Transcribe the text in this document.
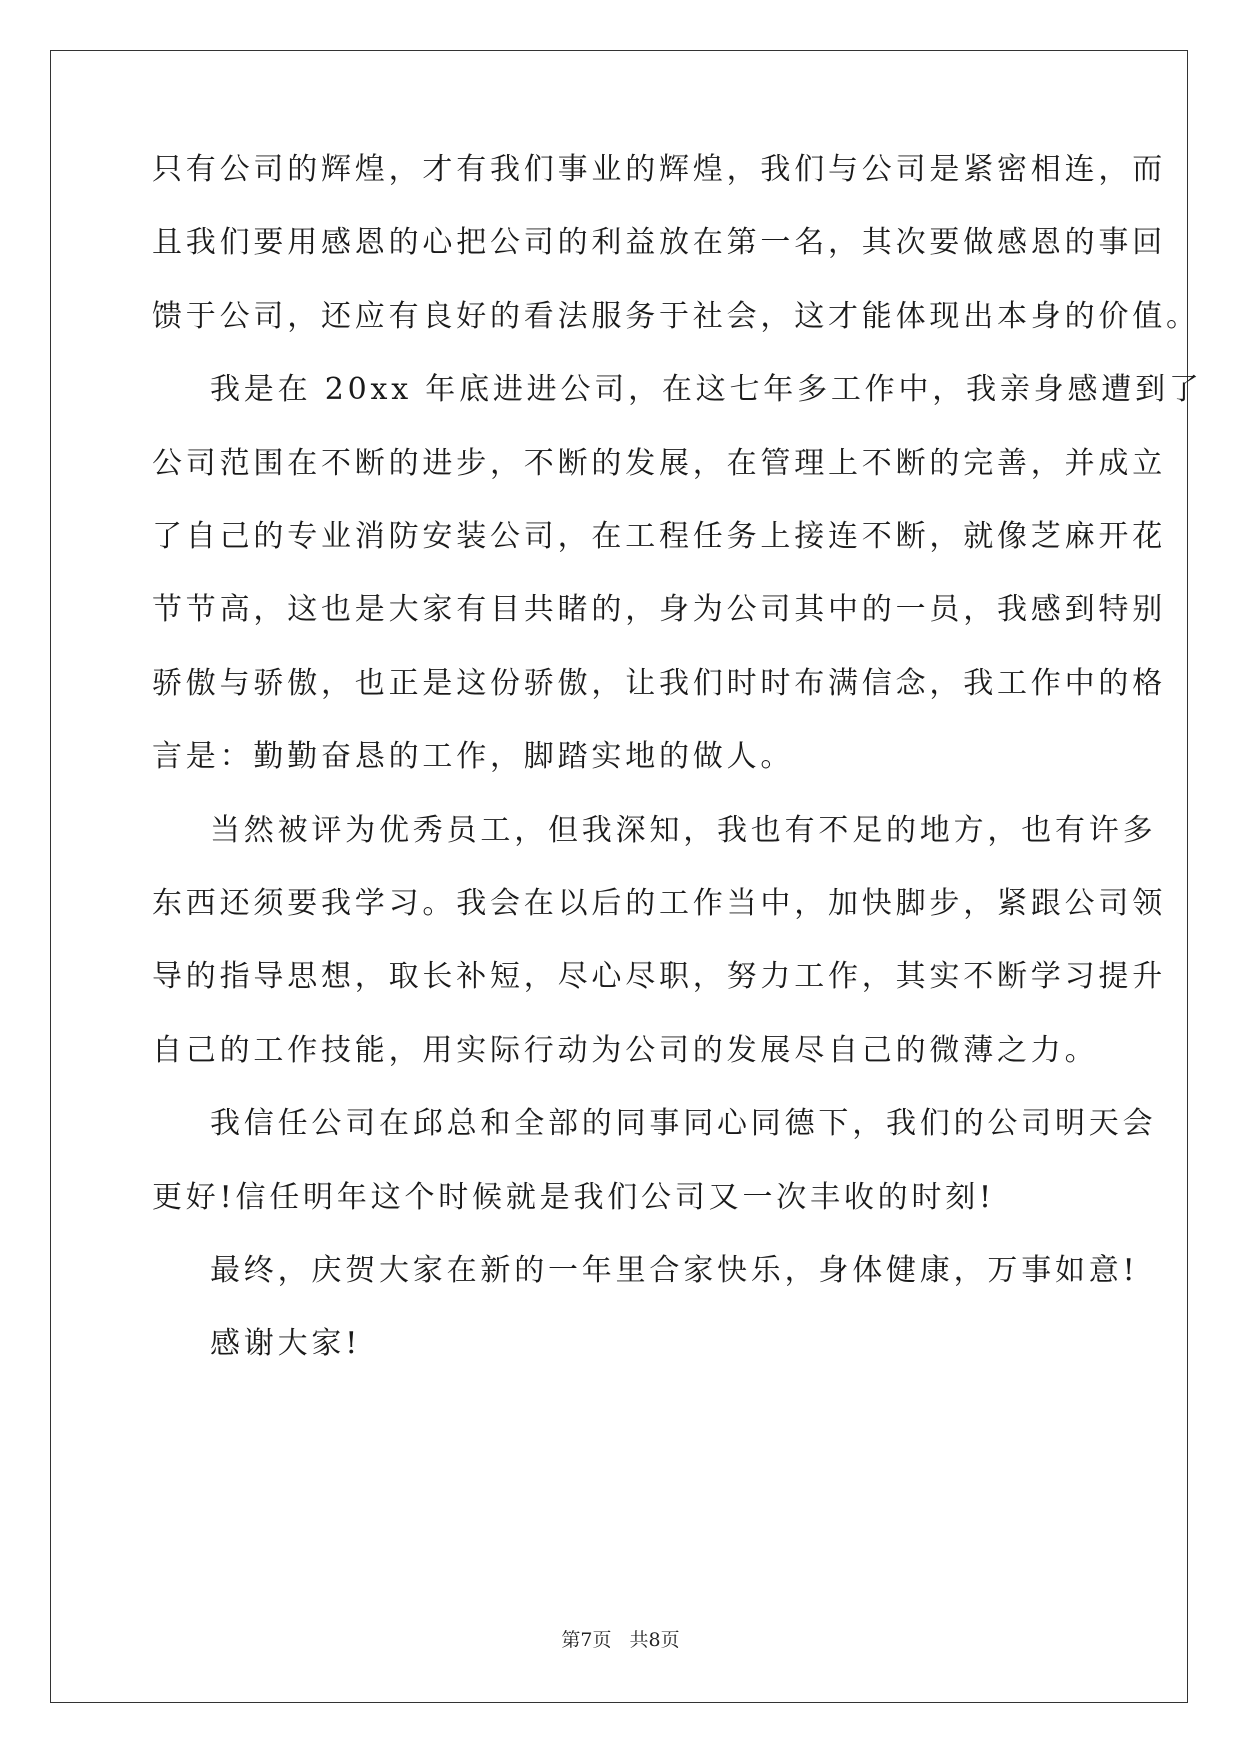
只有公司的辉煌，才有我们事业的辉煌，我们与公司是紧密相连，而
且我们要用感恩的心把公司的利益放在第一名，其次要做感恩的事回
馈于公司，还应有良好的看法服务于社会，这才能体现出本身的价值。
我是在 20xx 年底进进公司，在这七年多工作中，我亲身感遭到了
公司范围在不断的进步，不断的发展，在管理上不断的完善，并成立
了自己的专业消防安装公司，在工程任务上接连不断，就像芝麻开花
节节高，这也是大家有目共睹的，身为公司其中的一员，我感到特别
骄傲与骄傲，也正是这份骄傲，让我们时时布满信念，我工作中的格
言是：勤勤奋恳的工作，脚踏实地的做人。
当然被评为优秀员工，但我深知，我也有不足的地方，也有许多
东西还须要我学习。我会在以后的工作当中，加快脚步，紧跟公司领
导的指导思想，取长补短，尽心尽职，努力工作，其实不断学习提升
自己的工作技能，用实际行动为公司的发展尽自己的微薄之力。
我信任公司在邱总和全部的同事同心同德下，我们的公司明天会
更好!信任明年这个时候就是我们公司又一次丰收的时刻!
最终，庆贺大家在新的一年里合家快乐，身体健康，万事如意!
感谢大家!
第7页 共8页
